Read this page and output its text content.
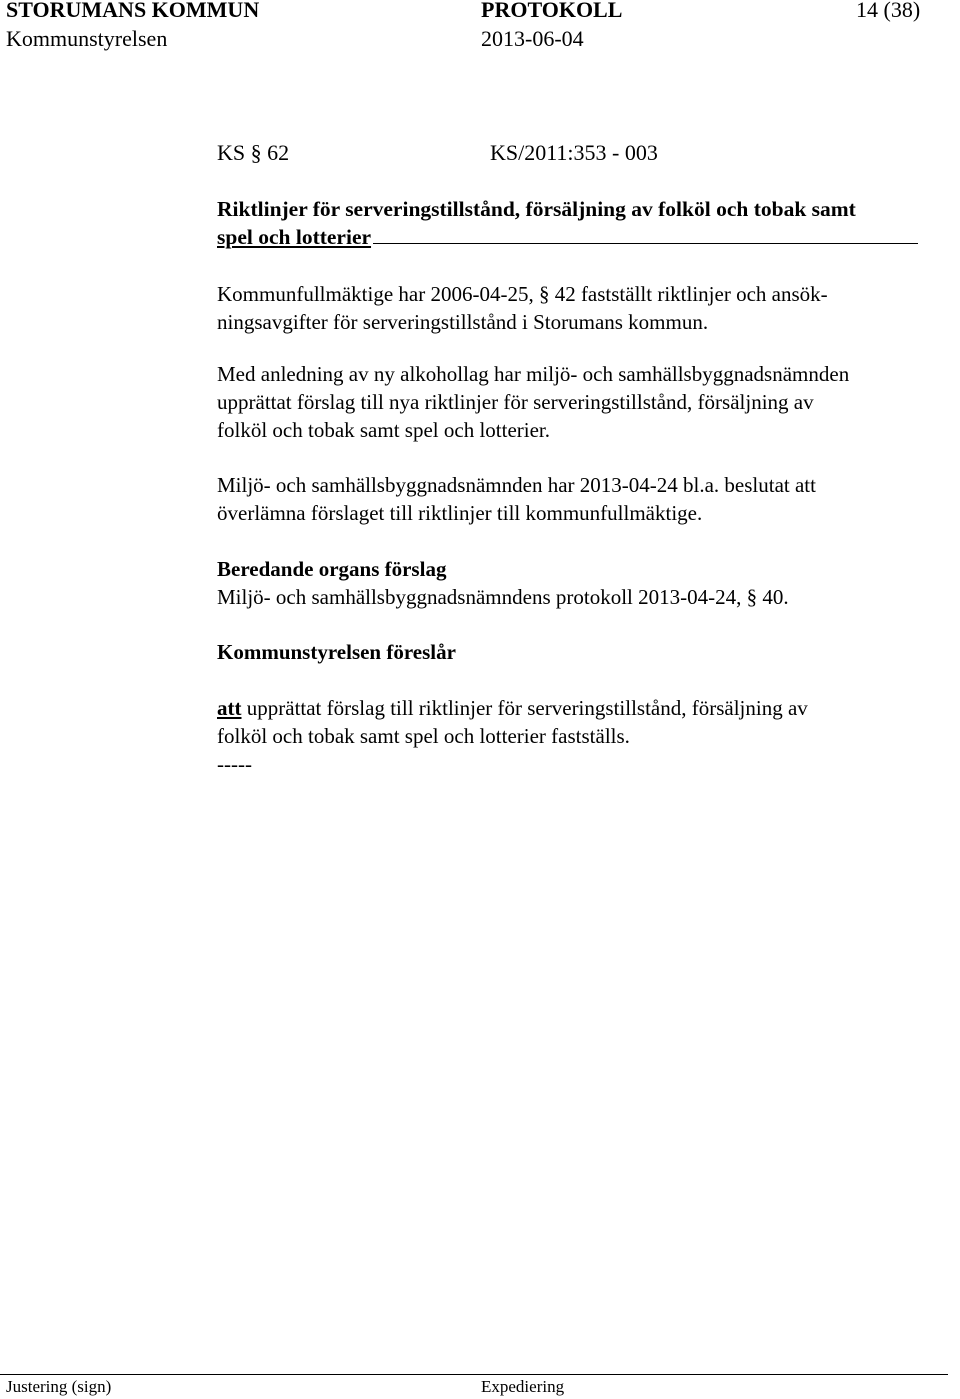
STORUMANS KOMMUN	PROTOKOLL	14 (38)
Kommunstyrelsen	2013-06-04
KS § 62	KS/2011:353 - 003
Riktlinjer för serveringstillstånd, försäljning av folköl och tobak samt
spel och lotterier
Kommunfullmäktige har 2006-04-25, § 42 fastställt riktlinjer och ansök-
ningsavgifter för serveringstillstånd i Storumans kommun.
Med anledning av ny alkohollag har miljö- och samhällsbyggnadsnämnden
upprättat förslag till nya riktlinjer för serveringstillstånd, försäljning av
folköl och tobak samt spel och lotterier.
Miljö- och samhällsbyggnadsnämnden har 2013-04-24 bl.a. beslutat att
överlämna förslaget till riktlinjer till kommunfullmäktige.
Beredande organs förslag
Miljö- och samhällsbyggnadsnämndens protokoll 2013-04-24, § 40.
Kommunstyrelsen föreslår
att upprättat förslag till riktlinjer för serveringstillstånd, försäljning av
folköl och tobak samt spel och lotterier fastställs.
-----
Justering (sign)	Expediering
